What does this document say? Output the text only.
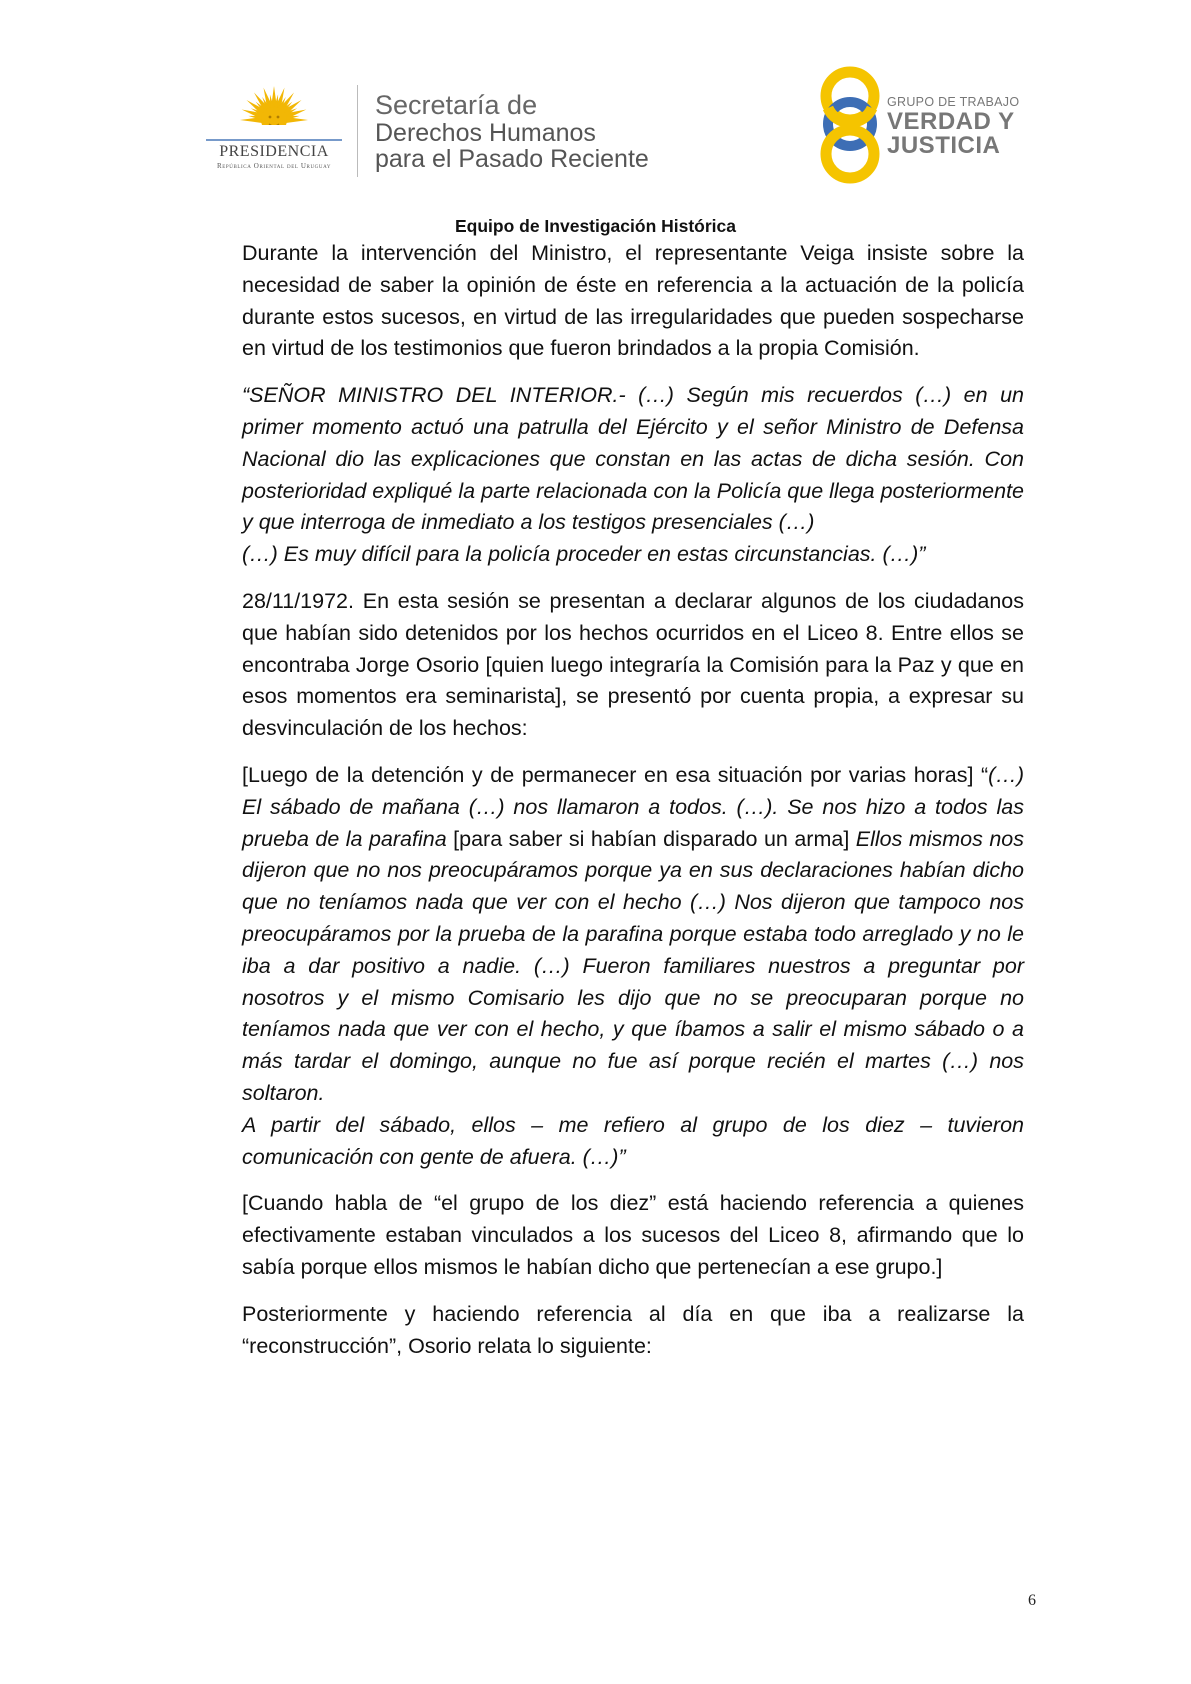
PRESIDENCIA
República Oriental del Uruguay
Secretaría de
Derechos Humanos
para el Pasado Reciente
GRUPO DE TRABAJO
VERDAD Y
JUSTICIA
Equipo de Investigación Histórica

Durante la intervención del Ministro, el representante Veiga insiste sobre la necesidad de saber la opinión de éste en referencia a la actuación de la policía durante estos sucesos, en virtud de las irregularidades que pueden sospecharse en virtud de los testimonios que fueron brindados a la propia Comisión.

“SEÑOR MINISTRO DEL INTERIOR.- (…) Según mis recuerdos (…) en un primer momento actuó una patrulla del Ejército y el señor Ministro de Defensa Nacional dio las explicaciones que constan en las actas de dicha sesión. Con posterioridad expliqué la parte relacionada con la Policía que llega posteriormente y que interroga de inmediato a los testigos presenciales (…)

(…) Es muy difícil para la policía proceder en estas circunstancias. (…)”

28/11/1972. En esta sesión se presentan a declarar algunos de los ciudadanos que habían sido detenidos por los hechos ocurridos en el Liceo 8. Entre ellos se encontraba Jorge Osorio [quien luego integraría la Comisión para la Paz y que en esos momentos era seminarista], se presentó por cuenta propia, a expresar su desvinculación de los hechos:

[Luego de la detención y de permanecer en esa situación por varias horas] “(…) El sábado de mañana (…) nos llamaron a todos. (…). Se nos hizo a todos las prueba de la parafina [para saber si habían disparado un arma] Ellos mismos nos dijeron que no nos preocupáramos porque ya en sus declaraciones habían dicho que no teníamos nada que ver con el hecho (…) Nos dijeron que tampoco nos preocupáramos por la prueba de la parafina porque estaba todo arreglado y no le iba a dar positivo a nadie. (…) Fueron familiares nuestros a preguntar por nosotros y el mismo Comisario les dijo que no se preocuparan porque no teníamos nada que ver con el hecho, y que íbamos a salir el mismo sábado o a más tardar el domingo, aunque no fue así porque recién el martes (…) nos soltaron.

A partir del sábado, ellos – me refiero al grupo de los diez – tuvieron comunicación con gente de afuera. (…)”

[Cuando habla de “el grupo de los diez” está haciendo referencia a quienes efectivamente estaban vinculados a los sucesos del Liceo 8, afirmando que lo sabía porque ellos mismos le habían dicho que pertenecían a ese grupo.]

Posteriormente y haciendo referencia al día en que iba a realizarse la “reconstrucción”, Osorio relata lo siguiente:

6
